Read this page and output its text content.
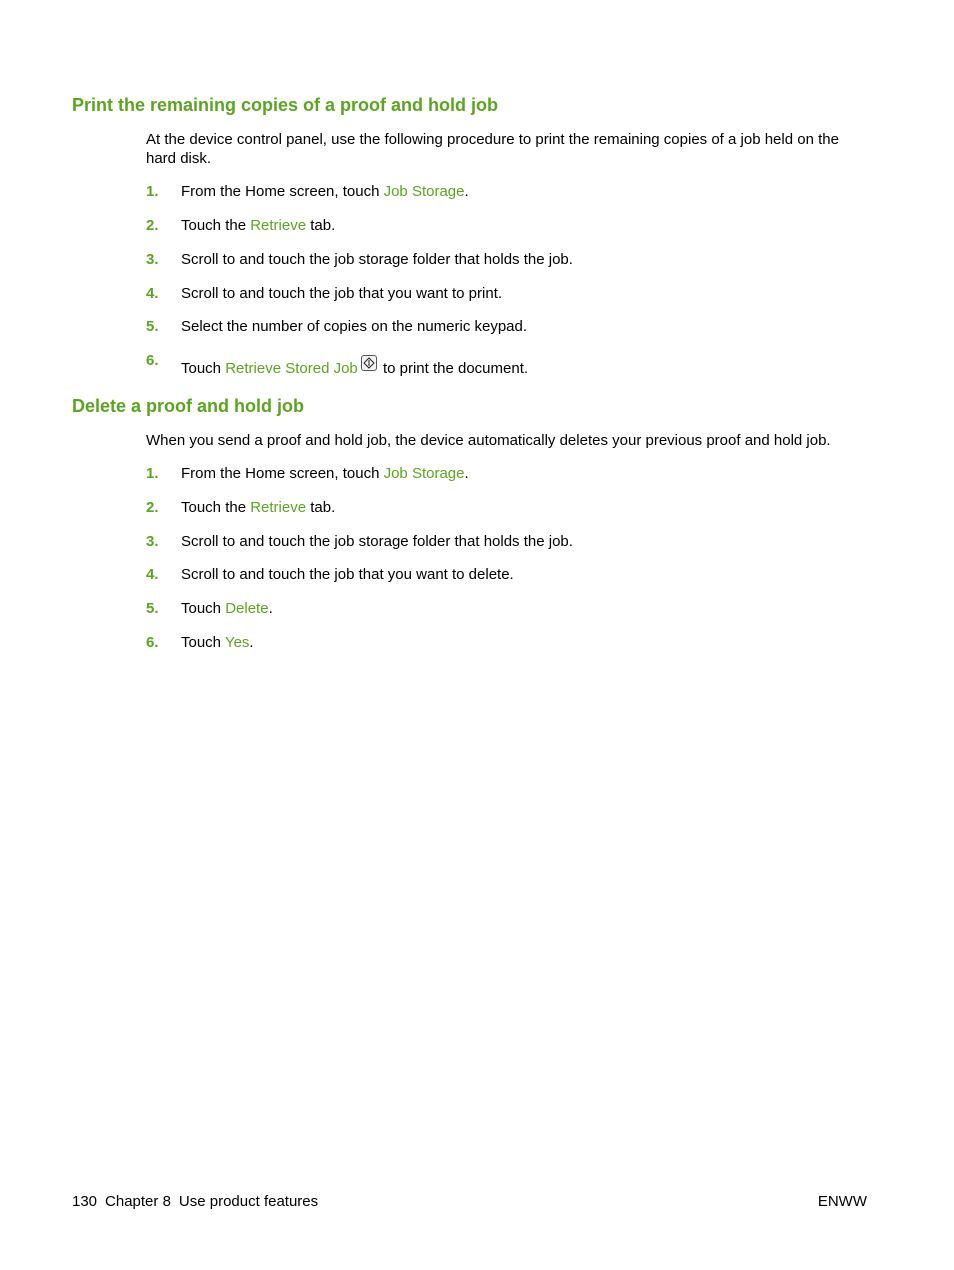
Print the remaining copies of a proof and hold job

At the device control panel, use the following procedure to print the remaining copies of a job held on the hard disk.

1. From the Home screen, touch Job Storage.
2. Touch the Retrieve tab.
3. Scroll to and touch the job storage folder that holds the job.
4. Scroll to and touch the job that you want to print.
5. Select the number of copies on the numeric keypad.
6. Touch Retrieve Stored Job to print the document.
Delete a proof and hold job

When you send a proof and hold job, the device automatically deletes your previous proof and hold job.

1. From the Home screen, touch Job Storage.
2. Touch the Retrieve tab.
3. Scroll to and touch the job storage folder that holds the job.
4. Scroll to and touch the job that you want to delete.
5. Touch Delete.
6. Touch Yes.
130 Chapter 8 Use product features	ENWW
